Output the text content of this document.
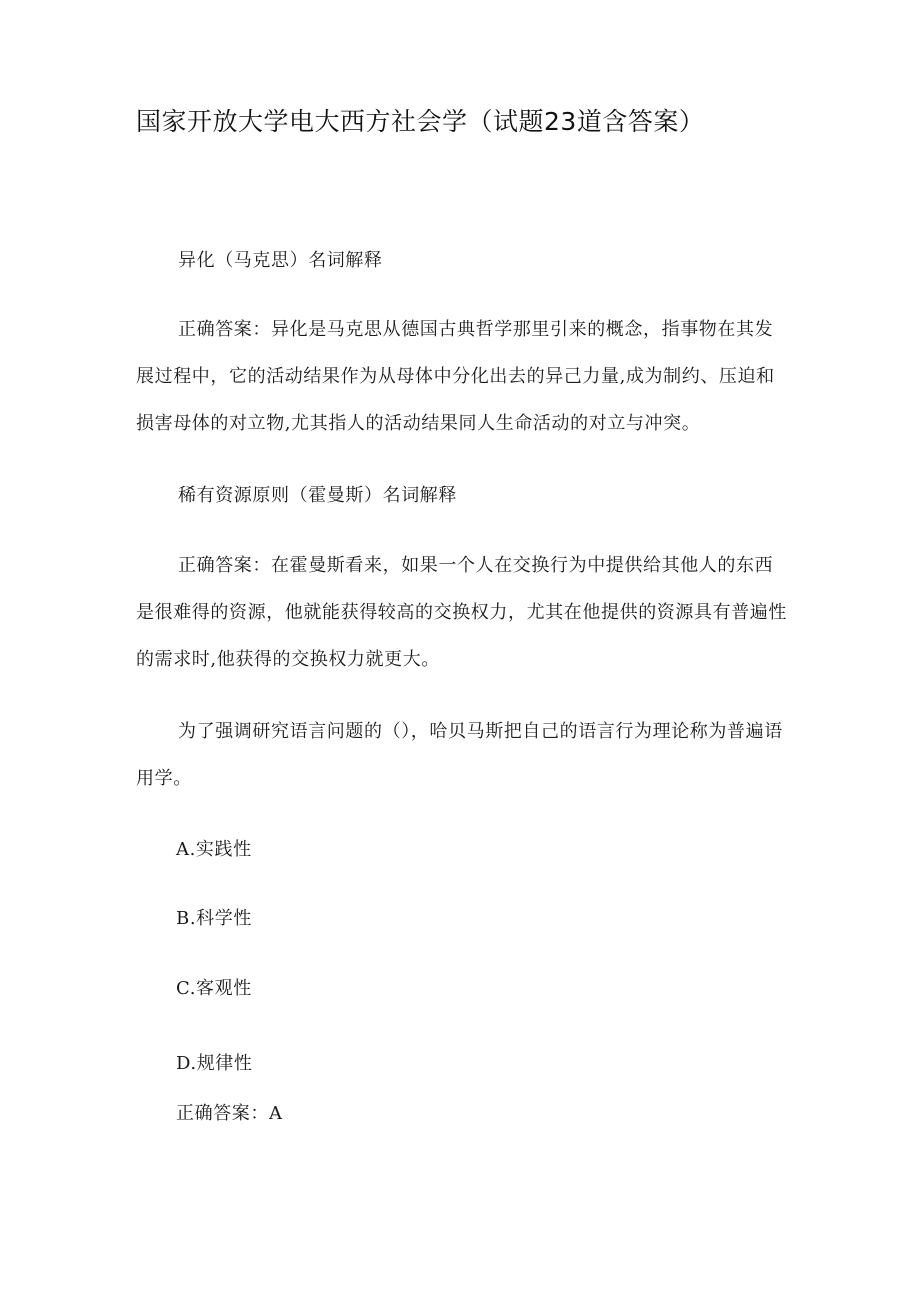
国家开放大学电大西方社会学（试题23道含答案）

异化（马克思）名词解释

正确答案：异化是马克思从德国古典哲学那里引来的概念，指事物在其发展过程中，它的活动结果作为从母体中分化出去的异己力量,成为制约、压迫和损害母体的对立物,尤其指人的活动结果同人生命活动的对立与冲突。

稀有资源原则（霍曼斯）名词解释

正确答案：在霍曼斯看来，如果一个人在交换行为中提供给其他人的东西是很难得的资源，他就能获得较高的交换权力，尤其在他提供的资源具有普遍性的需求时,他获得的交换权力就更大。

为了强调研究语言问题的（），哈贝马斯把自己的语言行为理论称为普遍语用学。

A.实践性

B.科学性

C.客观性

D.规律性

正确答案：A
